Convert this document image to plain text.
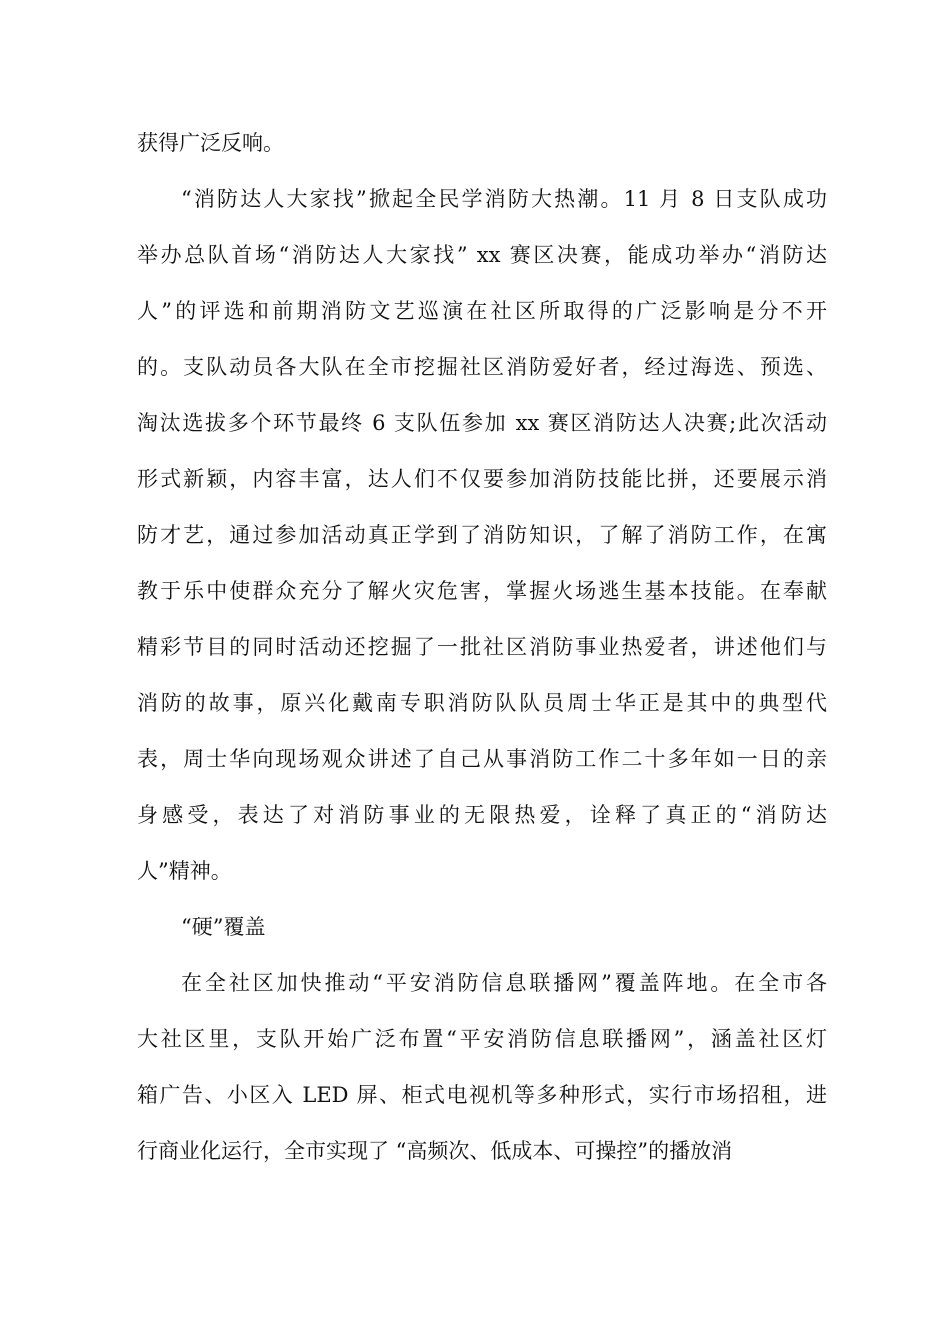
获得广泛反响。
“消防达人大家找”掀起全民学消防大热潮。11 月 8 日支队成功
举办总队首场“消防达人大家找” xx 赛区决赛，能成功举办“消防达
人”的评选和前期消防文艺巡演在社区所取得的广泛影响是分不开
的。支队动员各大队在全市挖掘社区消防爱好者，经过海选、预选、
淘汰选拔多个环节最终 6 支队伍参加 xx 赛区消防达人决赛;此次活动
形式新颖，内容丰富，达人们不仅要参加消防技能比拼，还要展示消
防才艺，通过参加活动真正学到了消防知识，了解了消防工作，在寓
教于乐中使群众充分了解火灾危害，掌握火场逃生基本技能。在奉献
精彩节目的同时活动还挖掘了一批社区消防事业热爱者，讲述他们与
消防的故事，原兴化戴南专职消防队队员周士华正是其中的典型代
表，周士华向现场观众讲述了自己从事消防工作二十多年如一日的亲
身感受，表达了对消防事业的无限热爱，诠释了真正的“消防达
人”精神。
“硬”覆盖
在全社区加快推动“平安消防信息联播网”覆盖阵地。在全市各
大社区里，支队开始广泛布置“平安消防信息联播网”，涵盖社区灯
箱广告、小区入 LED 屏、柜式电视机等多种形式，实行市场招租，进
行商业化运行，全市实现了 “高频次、低成本、可操控”的播放消
